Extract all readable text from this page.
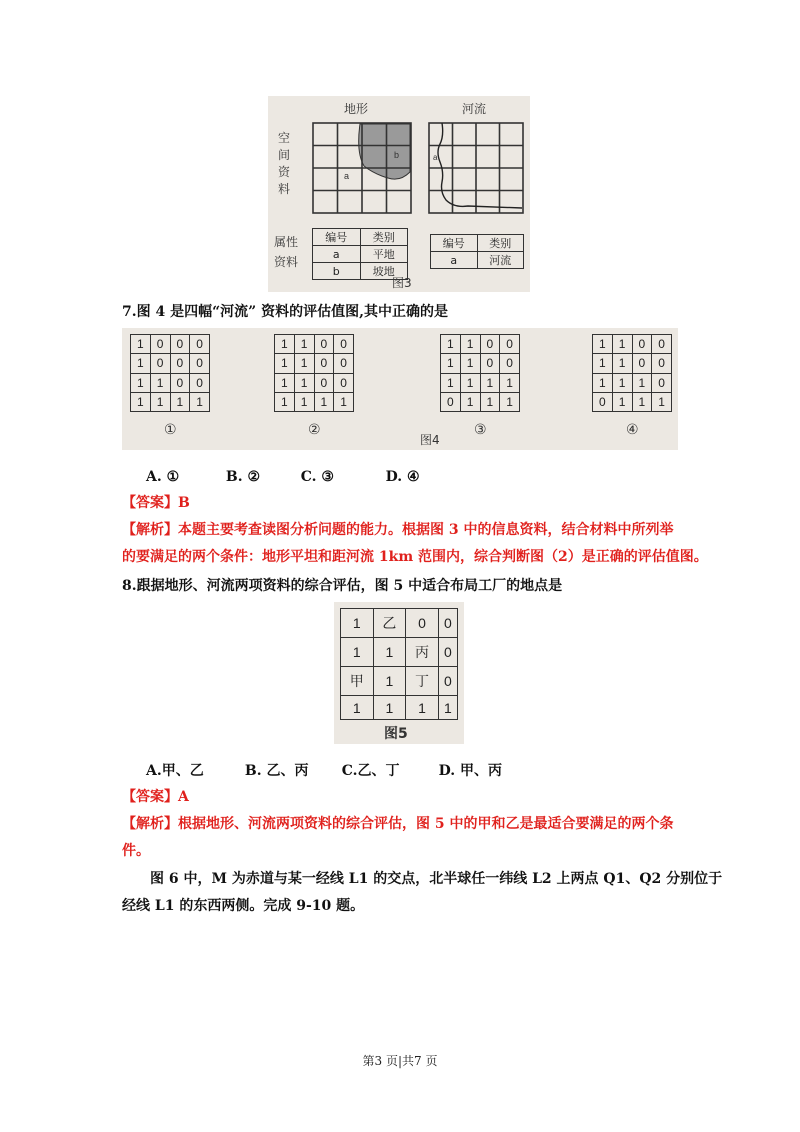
地形	河流
空
间
资
料
a
b	a
属性
资料
编号	类别
a	平地
b	坡地
编号	类别
a	河流
图3
7.图 4 是四幅“河流” 资料的评估值图,其中正确的是
1	0	0	0
1	0	0	0
1	1	0	0
1	1	1	1
①
1	1	0	0
1	1	0	0
1	1	0	0
1	1	1	1
②
1	1	0	0
1	1	0	0
1	1	1	1
0	1	1	1
③
1	1	0	0
1	1	0	0
1	1	1	0
0	1	1	1
④
图4
A. ①	B. ②	C. ③	D. ④
【答案】B
【解析】本题主要考查读图分析问题的能力。根据图 3 中的信息资料，结合材料中所列举
的要满足的两个条件：地形平坦和距河流 1km 范围内，综合判断图（2）是正确的评估值图。
8.跟据地形、河流两项资料的综合评估，图 5 中适合布局工厂的地点是
1	乙	0	0
1	1	丙	0
甲	1	丁	0
1	1	1	1
图5
A.甲、乙	B. 乙、丙 C.乙、丁	D. 甲、丙
【答案】A
【解析】根据地形、河流两项资料的综合评估，图 5 中的甲和乙是最适合要满足的两个条
件。
图 6 中，M 为赤道与某一经线 L1 的交点，北半球任一纬线 L2 上两点 Q1、Q2 分别位于
经线 L1 的东西两侧。完成 9-10 题。
第3 页|共7 页
